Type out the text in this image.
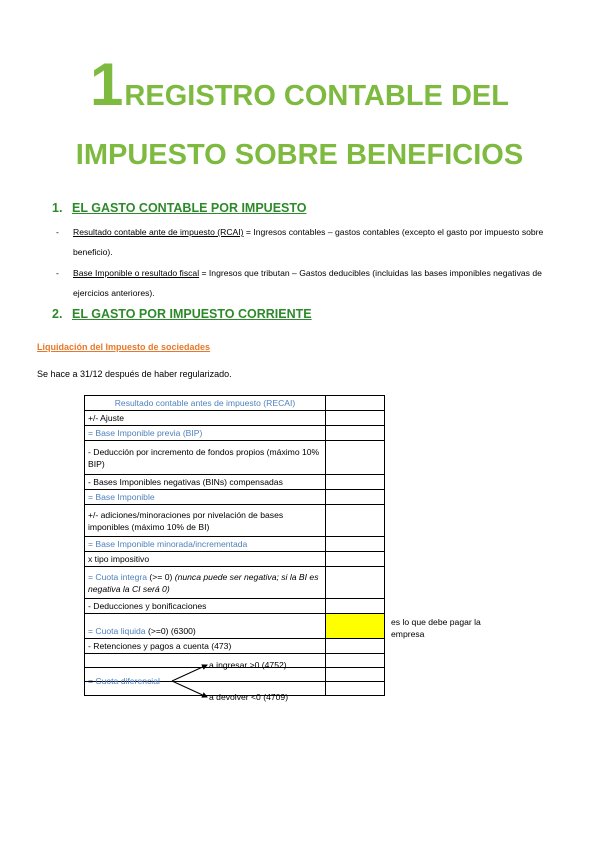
1REGISTRO CONTABLE DEL
IMPUESTO SOBRE BENEFICIOS
1. EL GASTO CONTABLE POR IMPUESTO
- Resultado contable ante de impuesto (RCAI) = Ingresos contables – gastos contables (excepto el gasto por impuesto sobre beneficio).
- Base Imponible o resultado fiscal = Ingresos que tributan – Gastos deducibles (incluidas las bases imponibles negativas de ejercicios anteriores).
2. EL GASTO POR IMPUESTO CORRIENTE
Liquidación del Impuesto de sociedades
Se hace a 31/12 después de haber regularizado.
Resultado contable antes de impuesto (RECAI)	
+/- Ajuste	
= Base Imponible previa (BIP)	
- Deducción por incremento de fondos propios (máximo 10% BIP)	
- Bases Imponibles negativas (BINs) compensadas	
= Base Imponible	
+/- adiciones/minoraciones por nivelación de bases imponibles (máximo 10% de BI)	
= Base Imponible minorada/incrementada	
x tipo impositivo	
= Cuota integra (>= 0) (nunca puede ser negativa; si la BI es negativa la CI será 0)	
- Deducciones y bonificaciones	
= Cuota liquida (>=0) (6300)	
- Retenciones y pagos a cuenta (473)	

a ingresar >0 (4752)
= Cuota diferencial
a devolver <0 (4709)
es lo que debe pagar la empresa
